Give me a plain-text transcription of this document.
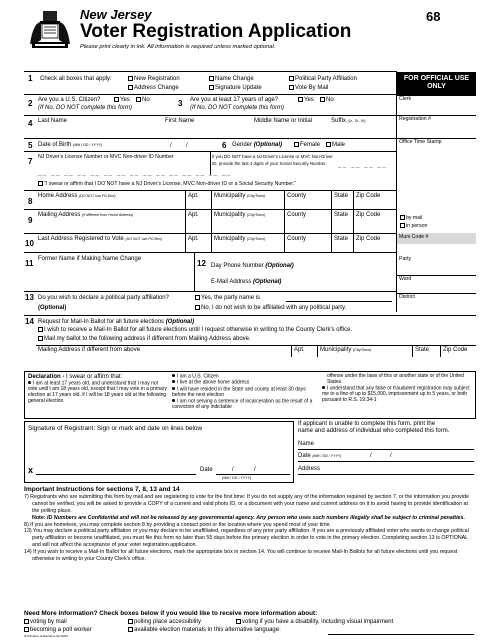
New Jersey
Voter Registration Application
Please print clearly in ink. All information is required unless marked optional.
68
FOR OFFICIAL USE ONLY
Clerk
Registration #
Office Time Stamp
by mail
in person
Muni Code #
Party
Ward
District
1 Check all boxes that apply:	New Registration	Name Change	Political Party Affiliation
Address Change	Signature Update	Vote By Mail
2 Are you a U.S. Citizen?	Yes	No
(If No, DO NOT complete this form)	3 Are you at least 17 years of age?	Yes	No
(If No, DO NOT complete this form)
4 Last Name	First Name	Middle Name or Initial	Suffix (Jr., Sr., III)
5 Date of Birth (MM / DD / YYYY)	/ /	6 Gender (Optional)	Female	Male
7 NJ Driver's License Number or MVC Non-driver ID Number
__ __ __ __ __ __ __ __ __ __ __ __ __ __ __
If you DO NOT have a NJ Driver's License or MVC Non-Driver
ID, provide the last 4 digits of your Social Security Number. __ __ __ __
"I swear or affirm that I DO NOT have a NJ Driver's License, MVC Non-driver ID or a Social Security Number."
8
Home Address (DO NOT use PO Box)	Apt.	Municipality (City/Town)	County	State Zip Code
9
Mailing Address (If different from Home Address)	Apt.	Municipality (City/Town)	County	State Zip Code
10 Last Address Registered to Vote (DO NOT use PO Box)	Apt.	Municipality (City/Town)	County	State Zip Code
11 Former Name if Making Name Change	12 Day Phone Number (Optional)
E-Mail Address (Optional)
13 Do you wish to declare a political party affiliation?
(Optional)
Yes, the party name is
No, I do not wish to be affiliated with any political party.
14 Request for Mail-In Ballot for all future elections (Optional)
I wish to receive a Mail-In Ballot for all future elections until I request otherwise in writing to the County Clerk's office.
Mail my ballot to the following address if different from Mailing Address above.
Mailing Address if different from above	Apt.	Municipality (City/Town)	State Zip Code
Declaration - I swear or affirm that:
I am at least 17 years old, and understand that I may not vote until I am 18 years old, except that I may vote in a primary election at 17 years old, if I will be 18 years old at the following general election.
I am a U.S. Citizen
I live at the above home address
I will have resided in the State and county at least 30 days before the next election
I am not serving a sentence of incarceration as the result of a conviction of any indictable
offense under the laws of this or another state or of the United States.
I understand that any false or fraudulent registration may subject me to a fine of up to $15,000, imprisonment up to 5 years, or both pursuant to R.S. 19:34-1
Signature of Registrant: Sign or mark and date on lines below
x	Date	/	/
(MM / DD / YYYY)
If applicant is unable to complete this form, print the
name and address of individual who completed this form.
Name
Date (MM / DD / YYYY)	/	/
Address
Important Instructions for sections 7, 8, 13 and 14
7) Registrants who are submitting this form by mail and are registering to vote for the first time: If you do not supply any of the information required by section 7, or the information you provide cannot be verified, you will be asked to provide a COPY of a current and valid photo ID, or a document with your name and current address on it to avoid having to provide identification at the polling place.
Note: ID Numbers are Confidential and will not be released by any governmental agency. Any person who uses such numbers illegally shall be subject to criminal penalties.
8) If you are homeless, you may complete section 8 by providing a contact point or the location where you spend most of your time.
13) You may declare a political party affiliation or you may declare to be unaffiliated, regardless of any prior party affiliation. If you are a previously affiliated voter who wants to change political party affiliation or become unaffiliated, you must file this form no later than 55 days before the primary election in order to vote in the primary election. Completing section 13 is OPTIONAL and will not affect the acceptance of your voter registration application.
14) If you wish to receive a Mail-In Ballot for all future elections, mark the appropriate box in section 14. You will continue to receive Mail-In Ballots for all future elections until you request otherwise in writing to your County Clerk's office.
Need More Information? Check boxes below if you would like to receive more information about:
voting by mail	polling place accessibility	voting if you have a disability, including visual impairment
becoming a poll worker	available election materials in this alternative language:
NJ Division of Elections 01/12/09
